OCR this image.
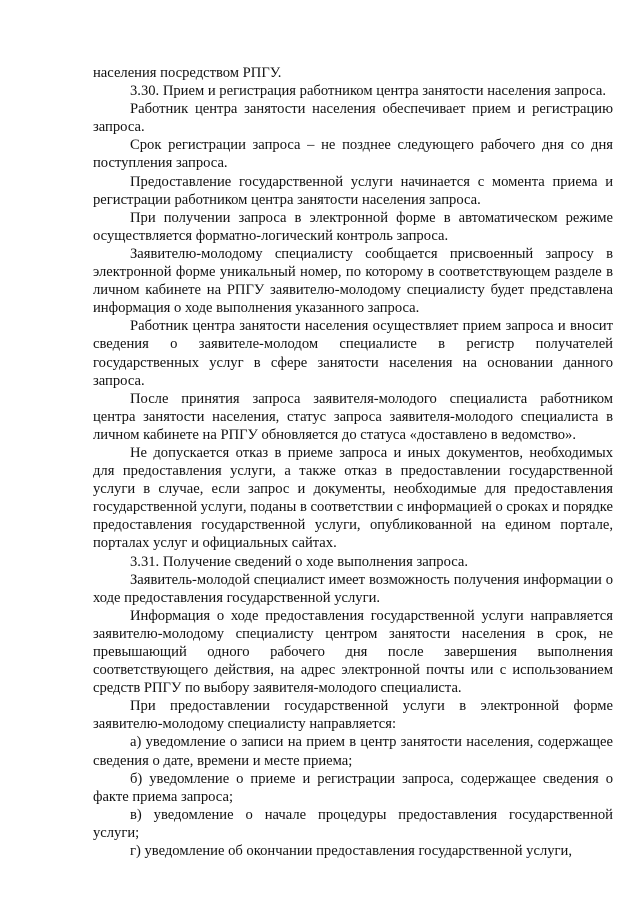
населения посредством РПГУ.

3.30. Прием и регистрация работником центра занятости населения запроса.

Работник центра занятости населения обеспечивает прием и регистрацию запроса.

Срок регистрации запроса – не позднее следующего рабочего дня со дня поступления запроса.

Предоставление государственной услуги начинается с момента приема и регистрации работником центра занятости населения запроса.

При получении запроса в электронной форме в автоматическом режиме осуществляется форматно-логический контроль запроса.

Заявителю-молодому специалисту сообщается присвоенный запросу в электронной форме уникальный номер, по которому в соответствующем разделе в личном кабинете на РПГУ заявителю-молодому специалисту будет представлена информация о ходе выполнения указанного запроса.

Работник центра занятости населения осуществляет прием запроса и вносит сведения о заявителе-молодом специалисте в регистр получателей государственных услуг в сфере занятости населения на основании данного запроса.

После принятия запроса заявителя-молодого специалиста работником центра занятости населения, статус запроса заявителя-молодого специалиста в личном кабинете на РПГУ обновляется до статуса «доставлено в ведомство».

Не допускается отказ в приеме запроса и иных документов, необходимых для предоставления услуги, а также отказ в предоставлении государственной услуги в случае, если запрос и документы, необходимые для предоставления государственной услуги, поданы в соответствии с информацией о сроках и порядке предоставления государственной услуги, опубликованной на едином портале, порталах услуг и официальных сайтах.

3.31. Получение сведений о ходе выполнения запроса.

Заявитель-молодой специалист имеет возможность получения информации о ходе предоставления государственной услуги.

Информация о ходе предоставления государственной услуги направляется заявителю-молодому специалисту центром занятости населения в срок, не превышающий одного рабочего дня после завершения выполнения соответствующего действия, на адрес электронной почты или с использованием средств РПГУ по выбору заявителя-молодого специалиста.

При предоставлении государственной услуги в электронной форме заявителю-молодому специалисту направляется:

а) уведомление о записи на прием в центр занятости населения, содержащее сведения о дате, времени и месте приема;

б) уведомление о приеме и регистрации запроса, содержащее сведения о факте приема запроса;

в) уведомление о начале процедуры предоставления государственной услуги;

г) уведомление об окончании предоставления государственной услуги,
